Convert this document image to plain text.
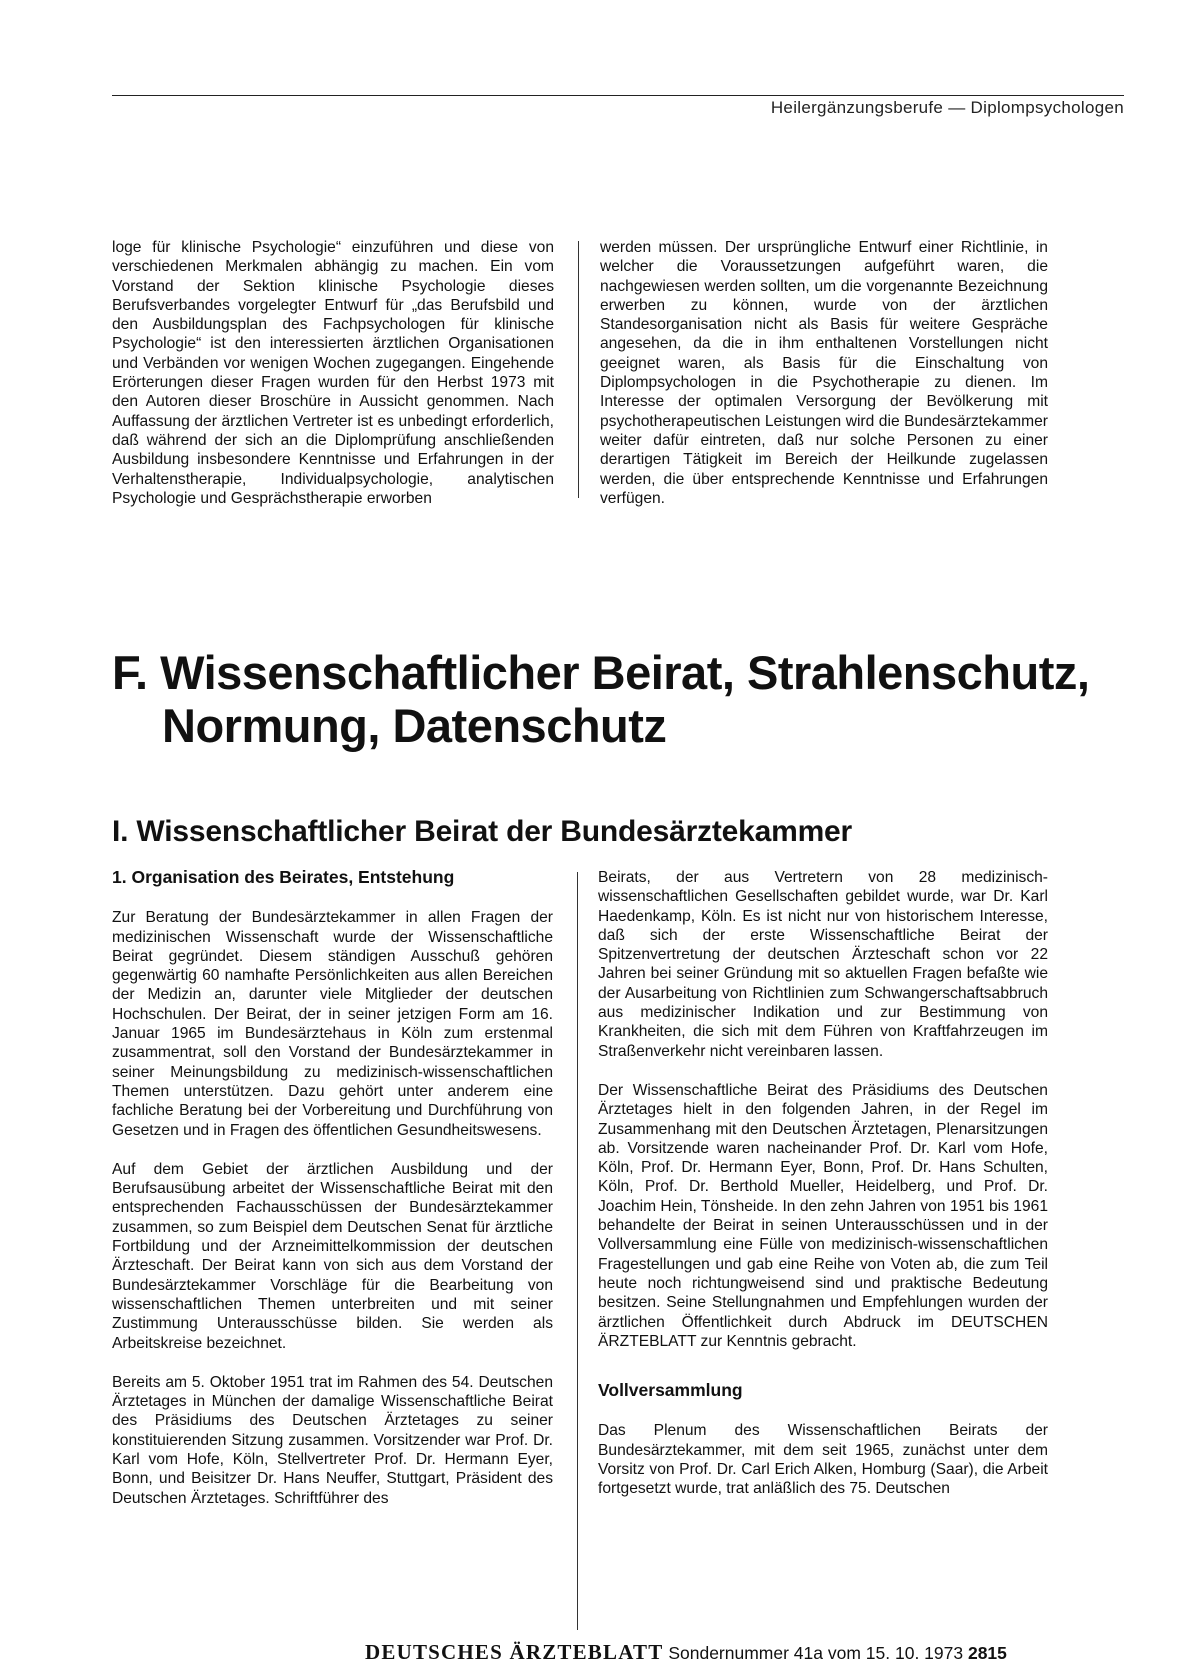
Heilergänzungsberufe — Diplompsychologen

loge für klinische Psychologie“ einzuführen und diese von verschiedenen Merkmalen abhängig zu machen. Ein vom Vorstand der Sektion klinische Psychologie dieses Berufsverbandes vorgelegter Entwurf für „das Berufsbild und den Ausbildungsplan des Fachpsychologen für klinische Psychologie“ ist den interessierten ärztlichen Organisationen und Verbänden vor wenigen Wochen zugegangen. Eingehende Erörterungen dieser Fragen wurden für den Herbst 1973 mit den Autoren dieser Broschüre in Aussicht genommen. Nach Auffassung der ärztlichen Vertreter ist es unbedingt erforderlich, daß während der sich an die Diplomprüfung anschließenden Ausbildung insbesondere Kenntnisse und Erfahrungen in der Verhaltenstherapie, Individualpsychologie, analytischen Psychologie und Gesprächstherapie erworben

werden müssen. Der ursprüngliche Entwurf einer Richtlinie, in welcher die Voraussetzungen aufgeführt waren, die nachgewiesen werden sollten, um die vorgenannte Bezeichnung erwerben zu können, wurde von der ärztlichen Standesorganisation nicht als Basis für weitere Gespräche angesehen, da die in ihm enthaltenen Vorstellungen nicht geeignet waren, als Basis für die Einschaltung von Diplompsychologen in die Psychotherapie zu dienen. Im Interesse der optimalen Versorgung der Bevölkerung mit psychotherapeutischen Leistungen wird die Bundesärztekammer weiter dafür eintreten, daß nur solche Personen zu einer derartigen Tätigkeit im Bereich der Heilkunde zugelassen werden, die über entsprechende Kenntnisse und Erfahrungen verfügen.

F. Wissenschaftlicher Beirat, Strahlenschutz,
Normung, Datenschutz
I. Wissenschaftlicher Beirat der Bundesärztekammer
1. Organisation des Beirates, Entstehung

Zur Beratung der Bundesärztekammer in allen Fragen der medizinischen Wissenschaft wurde der Wissenschaftliche Beirat gegründet. Diesem ständigen Ausschuß gehören gegenwärtig 60 namhafte Persönlichkeiten aus allen Bereichen der Medizin an, darunter viele Mitglieder der deutschen Hochschulen. Der Beirat, der in seiner jetzigen Form am 16. Januar 1965 im Bundesärztehaus in Köln zum erstenmal zusammentrat, soll den Vorstand der Bundesärztekammer in seiner Meinungsbildung zu medizinisch-wissenschaftlichen Themen unterstützen. Dazu gehört unter anderem eine fachliche Beratung bei der Vorbereitung und Durchführung von Gesetzen und in Fragen des öffentlichen Gesundheitswesens.

Auf dem Gebiet der ärztlichen Ausbildung und der Berufsausübung arbeitet der Wissenschaftliche Beirat mit den entsprechenden Fachausschüssen der Bundesärztekammer zusammen, so zum Beispiel dem Deutschen Senat für ärztliche Fortbildung und der Arzneimittelkommission der deutschen Ärzteschaft. Der Beirat kann von sich aus dem Vorstand der Bundesärztekammer Vorschläge für die Bearbeitung von wissenschaftlichen Themen unterbreiten und mit seiner Zustimmung Unterausschüsse bilden. Sie werden als Arbeitskreise bezeichnet.

Bereits am 5. Oktober 1951 trat im Rahmen des 54. Deutschen Ärztetages in München der damalige Wissenschaftliche Beirat des Präsidiums des Deutschen Ärztetages zu seiner konstituierenden Sitzung zusammen. Vorsitzender war Prof. Dr. Karl vom Hofe, Köln, Stellvertreter Prof. Dr. Hermann Eyer, Bonn, und Beisitzer Dr. Hans Neuffer, Stuttgart, Präsident des Deutschen Ärztetages. Schriftführer des

Beirats, der aus Vertretern von 28 medizinisch-wissenschaftlichen Gesellschaften gebildet wurde, war Dr. Karl Haedenkamp, Köln. Es ist nicht nur von historischem Interesse, daß sich der erste Wissenschaftliche Beirat der Spitzenvertretung der deutschen Ärzteschaft schon vor 22 Jahren bei seiner Gründung mit so aktuellen Fragen befaßte wie der Ausarbeitung von Richtlinien zum Schwangerschaftsabbruch aus medizinischer Indikation und zur Bestimmung von Krankheiten, die sich mit dem Führen von Kraftfahrzeugen im Straßenverkehr nicht vereinbaren lassen.

Der Wissenschaftliche Beirat des Präsidiums des Deutschen Ärztetages hielt in den folgenden Jahren, in der Regel im Zusammenhang mit den Deutschen Ärztetagen, Plenarsitzungen ab. Vorsitzende waren nacheinander Prof. Dr. Karl vom Hofe, Köln, Prof. Dr. Hermann Eyer, Bonn, Prof. Dr. Hans Schulten, Köln, Prof. Dr. Berthold Mueller, Heidelberg, und Prof. Dr. Joachim Hein, Tönsheide. In den zehn Jahren von 1951 bis 1961 behandelte der Beirat in seinen Unterausschüssen und in der Vollversammlung eine Fülle von medizinisch-wissenschaftlichen Fragestellungen und gab eine Reihe von Voten ab, die zum Teil heute noch richtungweisend sind und praktische Bedeutung besitzen. Seine Stellungnahmen und Empfehlungen wurden der ärztlichen Öffentlichkeit durch Abdruck im DEUTSCHEN ÄRZTEBLATT zur Kenntnis gebracht.

Vollversammlung

Das Plenum des Wissenschaftlichen Beirats der Bundesärztekammer, mit dem seit 1965, zunächst unter dem Vorsitz von Prof. Dr. Carl Erich Alken, Homburg (Saar), die Arbeit fortgesetzt wurde, trat anläßlich des 75. Deutschen

DEUTSCHES ÄRZTEBLATT Sondernummer 41a vom 15. 10. 1973 2815
